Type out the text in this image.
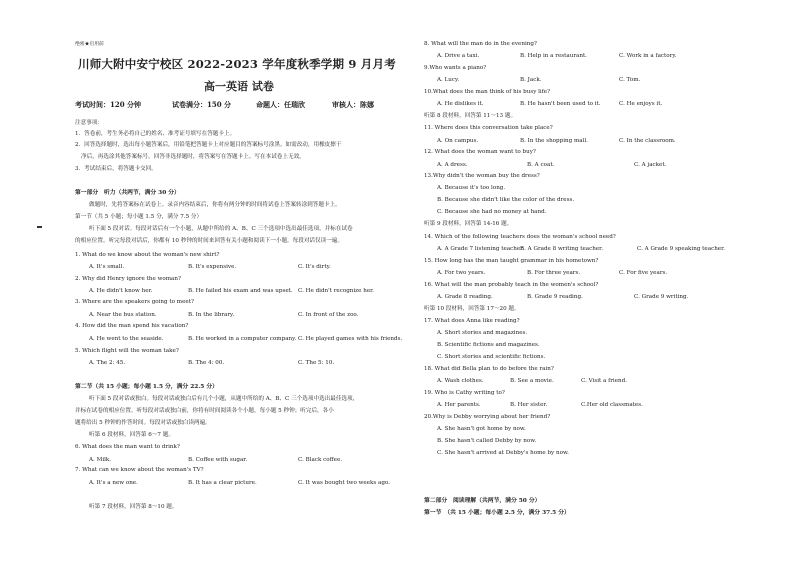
绝密★启用前
川师大附中安宁校区 2022-2023 学年度秋季学期 9 月月考
高一英语 试卷
考试时间：120 分钟	试卷满分：150 分	命题人：任瑞欣	审核人：陈娜
注意事项：
1．答卷前，考生务必将自己的姓名、准考证号填写在答题卡上。
2．回答选择题时，选出每小题答案后，用铅笔把答题卡上对应题目的答案标号涂黑。如需改动，用橡皮擦干
净后，再选涂其他答案标号。回答非选择题时，将答案写在答题卡上。写在本试卷上无效。
3．考试结束后，将答题卡交回。
第一部分　听力（共两节，满分 30 分）
做题时，先将答案标在试卷上。录音内容结束后，你将有两分钟的时间将试卷上答案转涂到答题卡上。
第一节（共 5 小题；每小题 1.5 分，满分 7.5 分）
听下面 5 段对话。每段对话后有一个小题，从题中所给的 A、B、C 三个选项中选出最佳选项，并标在试卷
的相应位置。听完每段对话后，你都有 10 秒钟的时间来回答有关小题和阅读下一小题。每段对话仅读一遍。
1. What do we know about the woman's new shirt?
A. It's small.	B. It's expensive.	C. It's dirty.
2. Why did Henry ignore the woman?
A. He didn't know her.	B. He failed his exam and was upset. C. He didn't recognize her.
3. Where are the speakers going to meet?
A. Near the bus station.	B. In the library.	C. In front of the zoo.
4. How did the man spend his vacation?
A. He went to the seaside.	B. He worked in a computer company. C. He played games with his friends.
5. Which flight will the woman take?
A. The 2: 45.	B. The 4: 00.	C. The 5: 10.
第二节（共 15 小题；每小题 1.5 分，满分 22.5 分）
听下面 5 段对话或独白。每段对话或独白后有几个小题，从题中所给的 A、B、C 三个选项中选出最佳选项，
并标在试卷的相应位置。听每段对话或独白前，你将有时间阅读各个小题，每小题 5 秒钟；听完后，各小
题将给出 5 秒钟的作答时间。每段对话或独白读两遍。
听第 6 段材料，回答第 6～7 题。
6. What does the man want to drink?
A. Milk.	B. Coffee with sugar.	C. Black coffee.
7. What can we know about the woman's TV?
A. It's a new one.	B. It has a clear picture.	C. It was bought two weeks ago.
听第 7 段材料，回答第 8～10 题。
8. What will the man do in the evening?
A. Drive a taxi.	B. Help in a restaurant.	C. Work in a factory.
9.Who wants a piano?
A. Lucy.	B. Jack.	C. Tom.
10.What does the man think of his busy life?
A. He dislikes it.	B. He hasn't been used to it.	C. He enjoys it.
听第 8 段材料，回答第 11～13 题。
11. Where does this conversation take place?
A. On campus.	B. In the shopping mall.	C. In the classroom.
12. What does the woman want to buy?
A. A dress.	B. A coat.	C. A jacket.
13.Why didn't the woman buy the dress?
A. Because it's too long.
B. Because she didn't like the color of the dress.
C. Because she had no money at hand.
听第 9 段材料，回答第 14-16 题。
14. Which of the following teachers does the woman's school need?
A. A Grade 7 listening teacher.
B. A Grade 8 writing teacher.	C. A Grade 9 speaking teacher.
15. How long has the man taught grammar in his hometown?
A. For two years.	B. For three years.	C. For five years.
16. What will the man probably teach in the women's school?
A. Grade 8 reading.	B. Grade 9 reading.	C. Grade 9 writing.
听第 10 段材料，回答第 17～20 题。
17. What does Anna like reading?
A. Short stories and magazines.
B. Scientific fictions and magazines.
C. Short stories and scientific fictions.
18. What did Bella plan to do before the rain?
A. Wash clothes.	B. See a movie.	C. Visit a friend.
19. Who is Cathy writing to?
A. Her parents.	B. Her sister.	C.Her old classmates.
20.Why is Debby worrying about her friend?
A. She hasn't got home by now.
B. She hasn't called Debby by now.
C. She hasn't arrived at Debby's home by now.
第二部分　阅读理解（共两节，满分 50 分）
第一节　（共 15 小题；每小题 2.5 分，满分 37.5 分）
